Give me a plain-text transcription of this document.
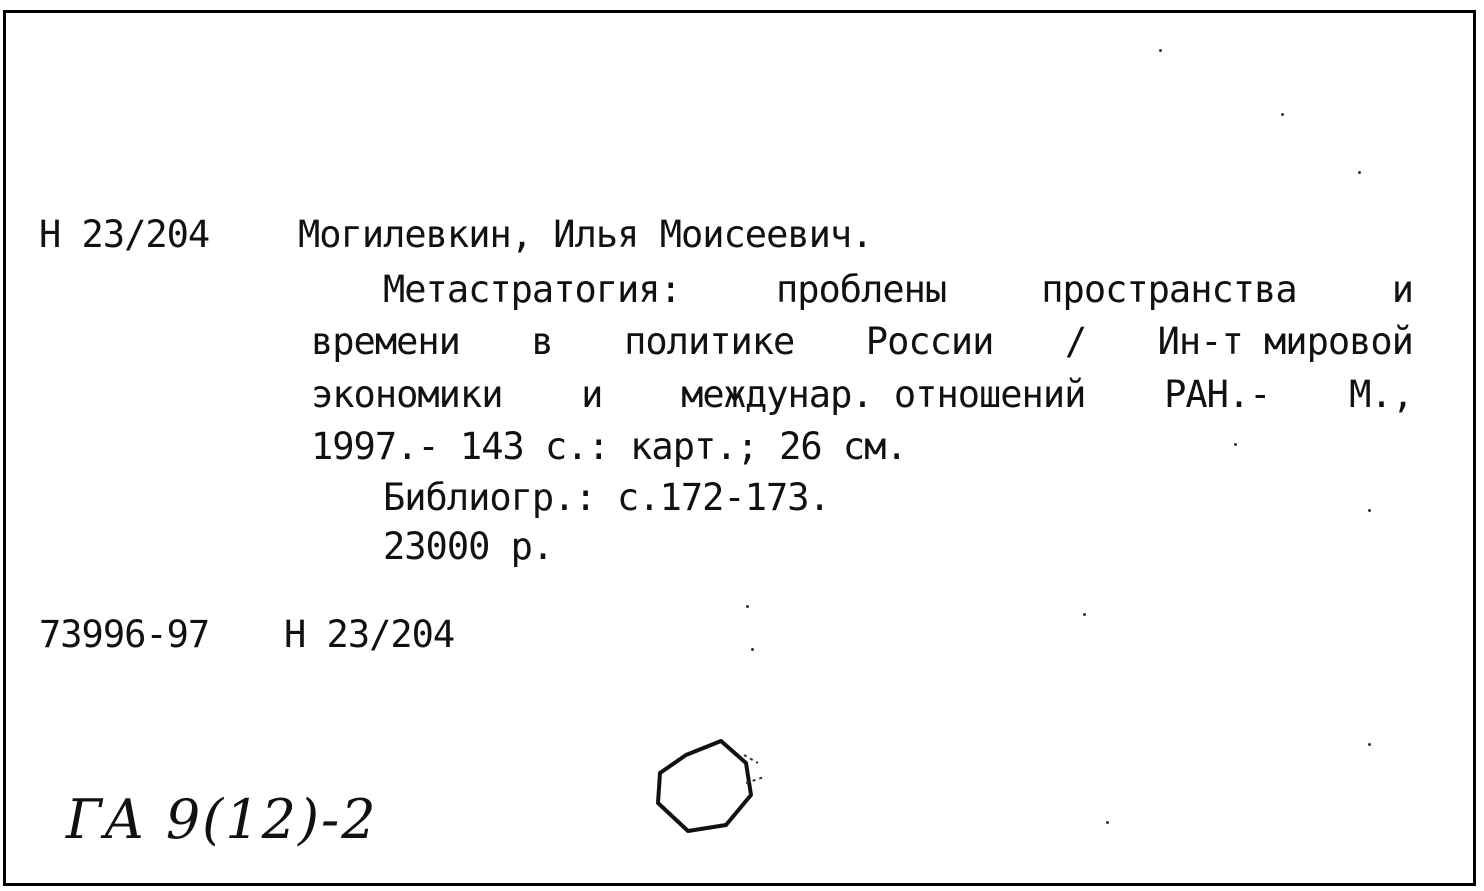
Н 23/204 Могилевкин, Илья Моисеевич.
Метастратогия:	проблены	пространства	и
времени в политике России / Ин-т мировой
экономики и междунар. отношений РАН.- М.,
1997.- 143 с.: карт.; 26 см.
Библиогр.: с.172-173.
23000 р.
73996-97 Н 23/204
ГА 9(12)-2
